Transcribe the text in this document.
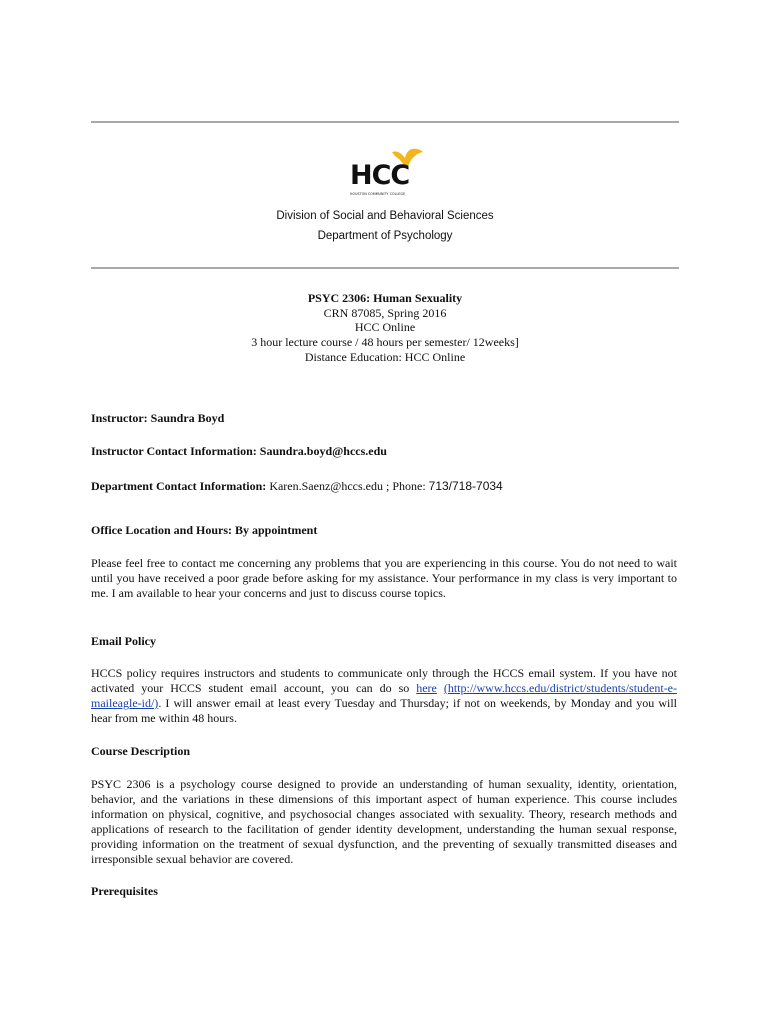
HCC
HOUSTON COMMUNITY COLLEGE
Division of Social and Behavioral Sciences
Department of Psychology
PSYC 2306: Human Sexuality
CRN 87085, Spring 2016
HCC Online
3 hour lecture course / 48 hours per semester/ 12weeks]
Distance Education: HCC Online
Instructor: Saundra Boyd
Instructor Contact Information: Saundra.boyd@hccs.edu
Department Contact Information: Karen.Saenz@hccs.edu ; Phone: 713/718-7034
Office Location and Hours: By appointment
Please feel free to contact me concerning any problems that you are experiencing in this course. You do not need to wait until you have received a poor grade before asking for my assistance. Your performance in my class is very important to me. I am available to hear your concerns and just to discuss course topics.
Email Policy
HCCS policy requires instructors and students to communicate only through the HCCS email system. If you have not activated your HCCS student email account, you can do so here (http://www.hccs.edu/district/students/student-e-maileagle-id/). I will answer email at least every Tuesday and Thursday; if not on weekends, by Monday and you will hear from me within 48 hours.
Course Description
PSYC 2306 is a psychology course designed to provide an understanding of human sexuality, identity, orientation, behavior, and the variations in these dimensions of this important aspect of human experience. This course includes information on physical, cognitive, and psychosocial changes associated with sexuality. Theory, research methods and applications of research to the facilitation of gender identity development, understanding the human sexual response, providing information on the treatment of sexual dysfunction, and the preventing of sexually transmitted diseases and irresponsible sexual behavior are covered.
Prerequisites
